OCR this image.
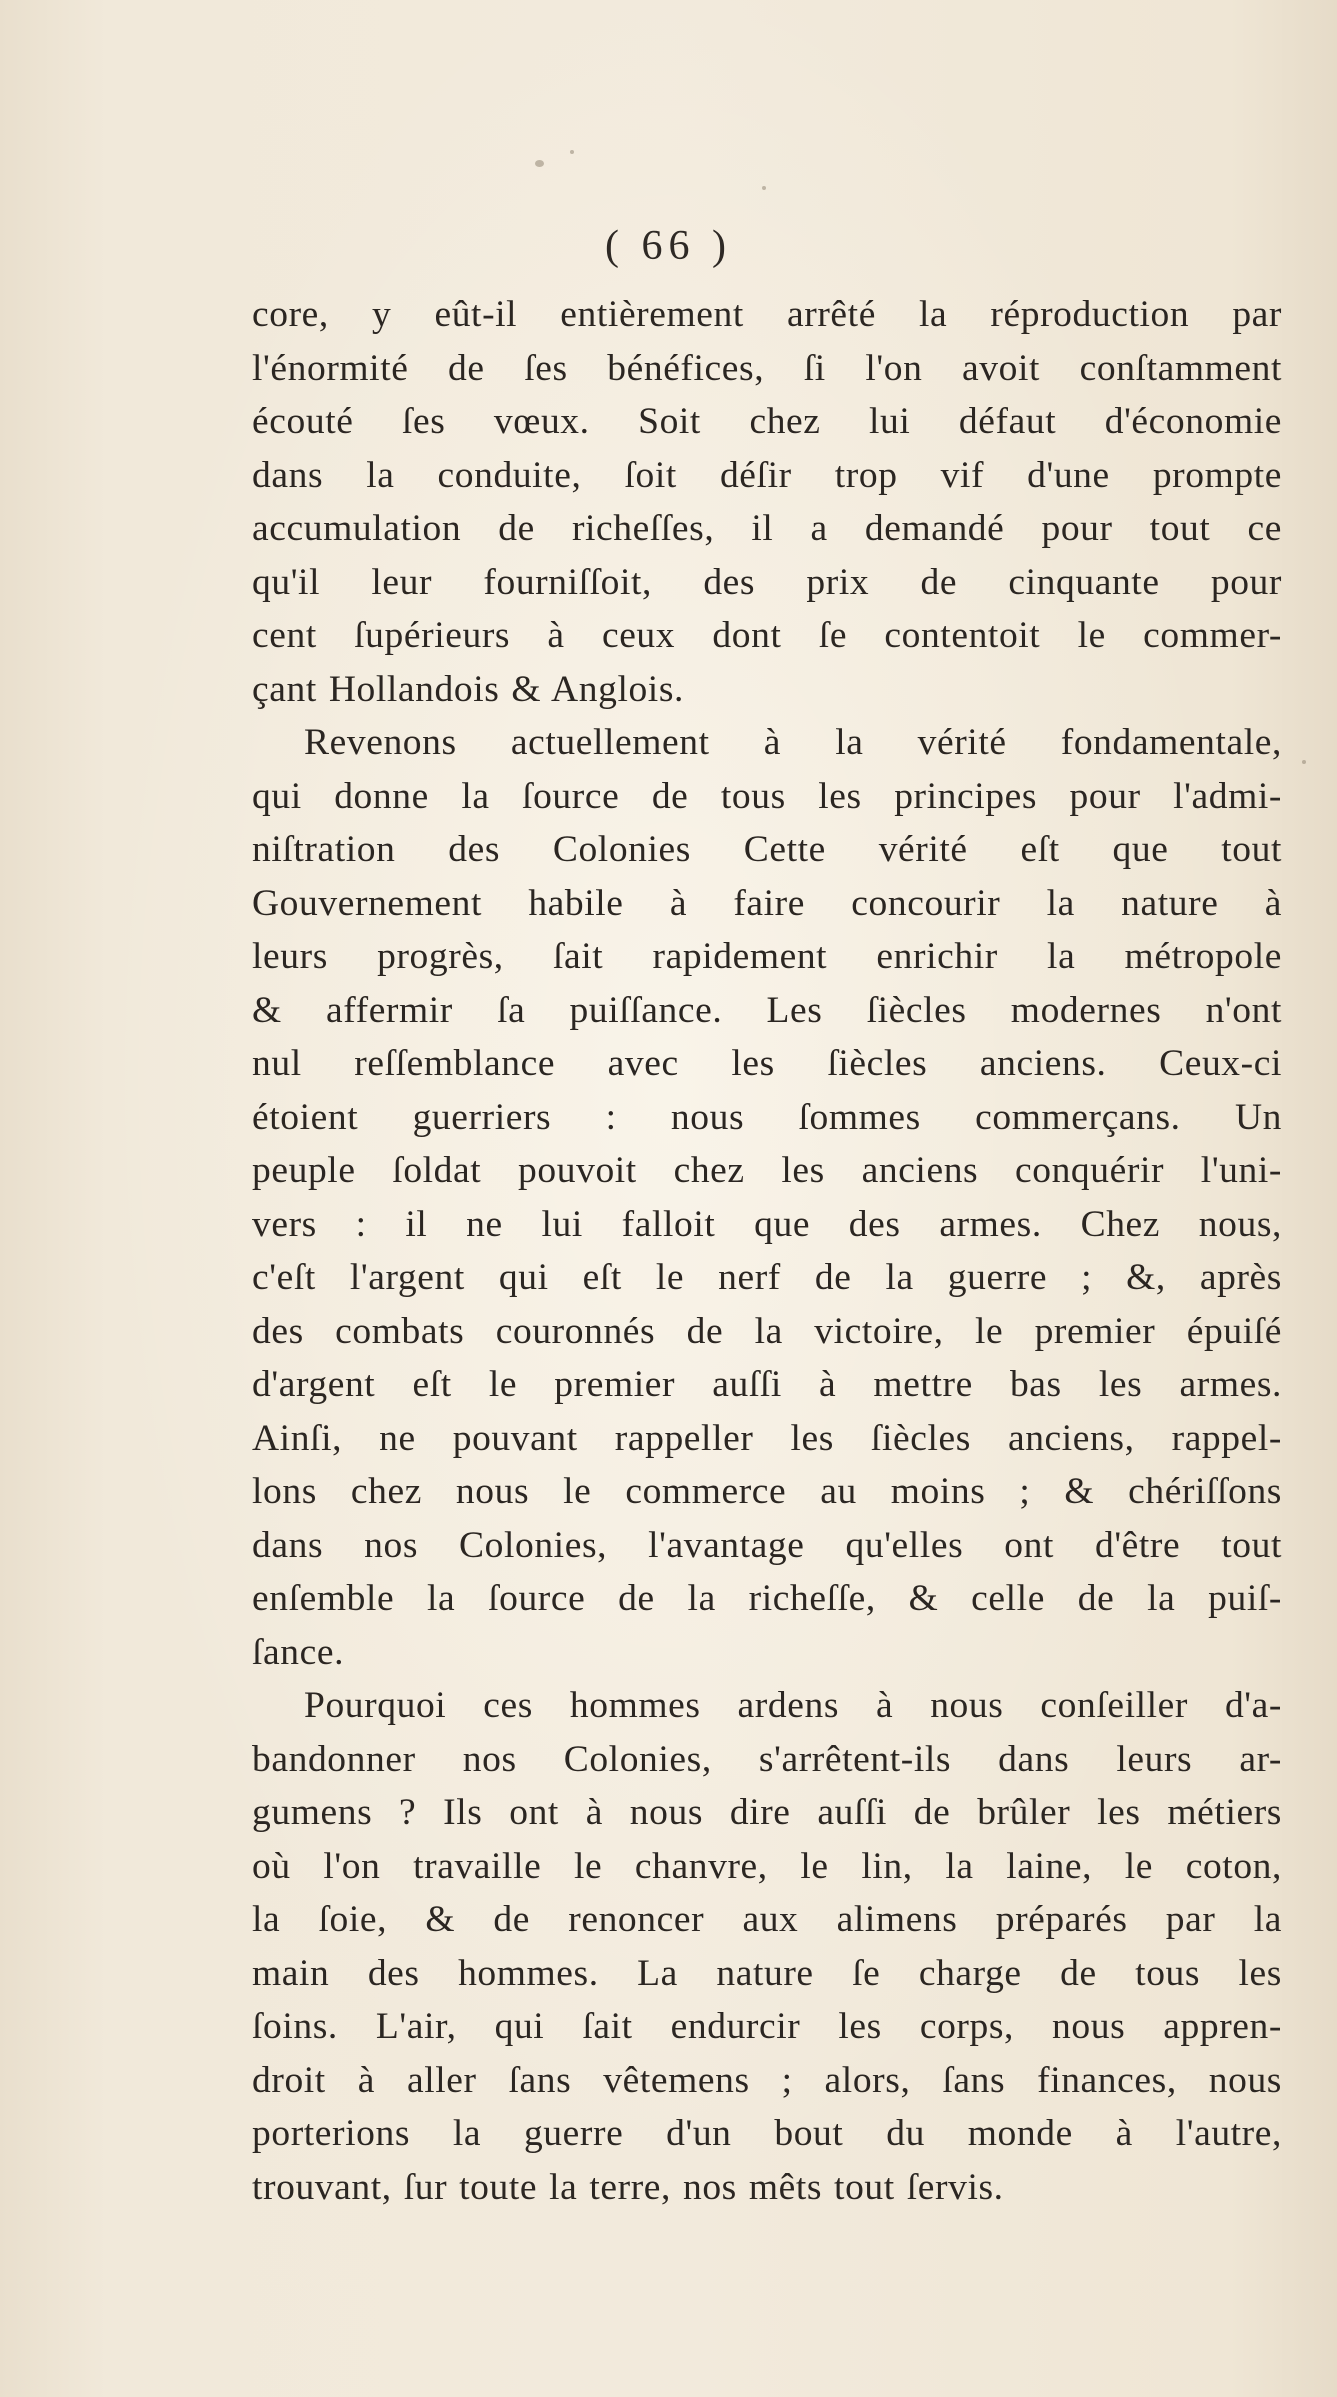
( 66 )

core, y eût-il entièrement arrêté la réproduction par
l'énormité de ſes bénéfices, ſi l'on avoit conſtamment
écouté ſes vœux. Soit chez lui défaut d'économie
dans la conduite, ſoit déſir trop vif d'une prompte
accumulation de richeſſes, il a demandé pour tout ce
qu'il leur fourniſſoit, des prix de cinquante pour
cent ſupérieurs à ceux dont ſe contentoit le commer-
çant Hollandois & Anglois.

Revenons actuellement à la vérité fondamentale,
qui donne la ſource de tous les principes pour l'admi-
niſtration des Colonies Cette vérité eſt que tout
Gouvernement habile à faire concourir la nature à
leurs progrès, ſait rapidement enrichir la métropole
& affermir ſa puiſſance. Les ſiècles modernes n'ont
nul reſſemblance avec les ſiècles anciens. Ceux-ci
étoient guerriers : nous ſommes commerçans. Un
peuple ſoldat pouvoit chez les anciens conquérir l'uni-
vers : il ne lui falloit que des armes. Chez nous,
c'eſt l'argent qui eſt le nerf de la guerre ; &, après
des combats couronnés de la victoire, le premier épuiſé
d'argent eſt le premier auſſi à mettre bas les armes.
Ainſi, ne pouvant rappeller les ſiècles anciens, rappel-
lons chez nous le commerce au moins ; & chériſſons
dans nos Colonies, l'avantage qu'elles ont d'être tout
enſemble la ſource de la richeſſe, & celle de la puiſ-
ſance.

Pourquoi ces hommes ardens à nous conſeiller d'a-
bandonner nos Colonies, s'arrêtent-ils dans leurs ar-
gumens ? Ils ont à nous dire auſſi de brûler les métiers
où l'on travaille le chanvre, le lin, la laine, le coton,
la ſoie, & de renoncer aux alimens préparés par la
main des hommes. La nature ſe charge de tous les
ſoins. L'air, qui ſait endurcir les corps, nous appren-
droit à aller ſans vêtemens ; alors, ſans finances, nous
porterions la guerre d'un bout du monde à l'autre,
trouvant, ſur toute la terre, nos mêts tout ſervis.
